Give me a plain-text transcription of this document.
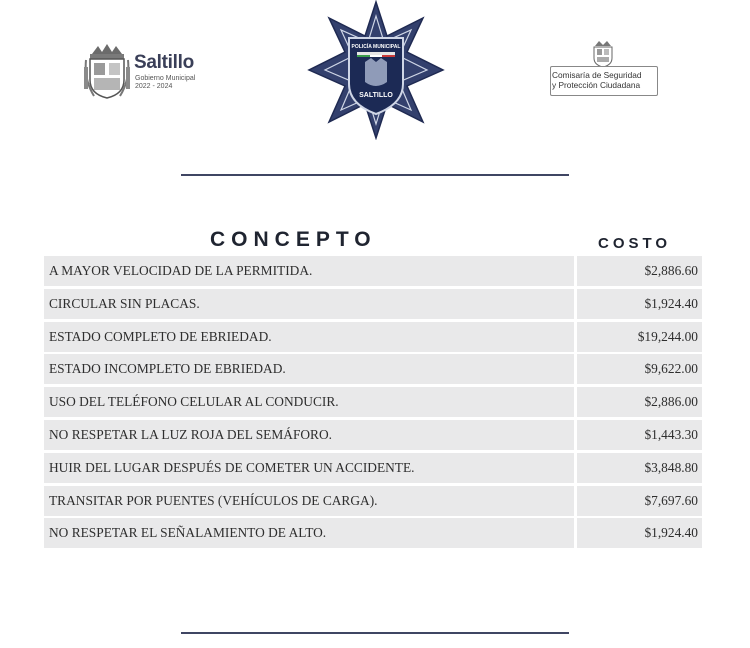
Saltillo
Gobierno Municipal
2022 - 2024
POLICÍA MUNICIPAL
SALTILLO
Comisaría de Seguridad
y Protección Ciudadana
CONCEPTO	COSTO
A MAYOR VELOCIDAD DE LA PERMITIDA.	$2,886.60
CIRCULAR SIN PLACAS.	$1,924.40
ESTADO COMPLETO DE EBRIEDAD.	$19,244.00
ESTADO INCOMPLETO DE EBRIEDAD.	$9,622.00
USO DEL TELÉFONO CELULAR AL CONDUCIR.	$2,886.00
NO RESPETAR LA LUZ ROJA DEL SEMÁFORO.	$1,443.30
HUIR DEL LUGAR DESPUÉS DE COMETER UN ACCIDENTE.	$3,848.80
TRANSITAR POR PUENTES (VEHÍCULOS DE CARGA).	$7,697.60
NO RESPETAR EL SEÑALAMIENTO DE ALTO.	$1,924.40
